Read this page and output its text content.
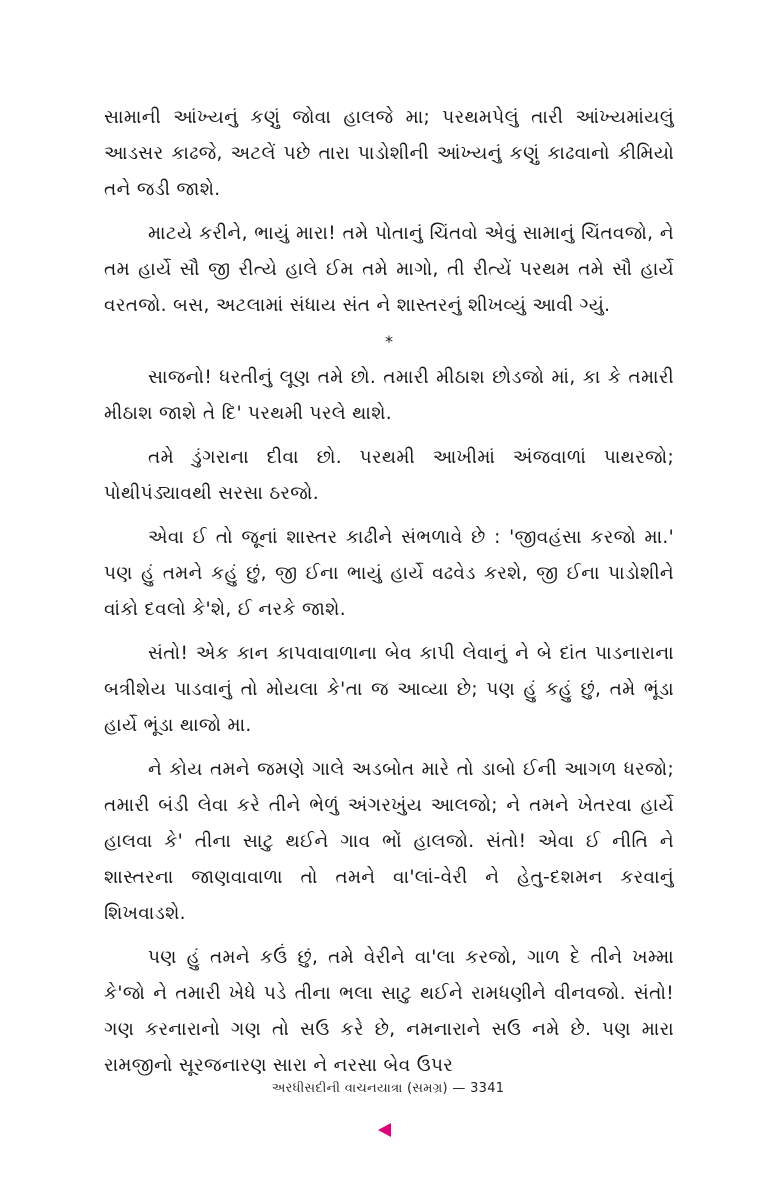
સામાની આંખ્યનું કણું જોવા હાલજે મા; પરથમપેલું તારી આંખ્યમાંયલું આડસર કાઢજે, અટલેં પછે તારા પાડોશીની આંખ્યનું કણું કાઢવાનો કીમિયો તને જડી જાશે.

માટયે કરીને, ભાયું મારા! તમે પોતાનું ચિંતવો એવું સામાનું ચિંતવજો, ને તમ હાર્યે સૌ જી રીત્યે હાલે ઈમ તમે માગો, તી રીત્યેં પરથમ તમે સૌ હાર્યે વરતજો. બસ, અટલામાં સંધાય સંત ને શાસ્તરનું શીખવ્યું આવી ગ્યું.

*

સાજનો! ધરતીનું લૂણ તમે છો. તમારી મીઠાશ છોડજો માં, કા કે તમારી મીઠાશ જાશે તે દિ' પરથમી પરલે થાશે.

તમે ડુંગરાના દીવા છો. પરથમી આખીમાં અંજવાળાં પાથરજો; પોથીપંડ્યાવથી સરસા ઠરજો.

એવા ઈ તો જૂનાં શાસ્તર કાઢીને સંભળાવે છે : 'જીવહંસા કરજો મા.' પણ હું તમને કહું છું, જી ઈના ભાયું હાર્યે વઢવેડ કરશે, જી ઈના પાડોશીને વાંકો દવલો કે'શે, ઈ નરકે જાશે.

સંતો! એક કાન કાપવાવાળાના બેવ કાપી લેવાનું ને બે દાંત પાડનારાના બત્રીશેય પાડવાનું તો મોયલા કે'તા જ આવ્યા છે; પણ હું કહું છું, તમે ભૂંડા હાર્યે ભૂંડા થાજો મા.

ને કોય તમને જમણે ગાલે અડબોત મારે તો ડાબો ઈની આગળ ધરજો; તમારી બંડી લેવા કરે તીને ભેળું અંગરખુંય આલજો; ને તમને ખેતરવા હાર્યે હાલવા કે' તીના સાટુ થઈને ગાવ ભોં હાલજો. સંતો! એવા ઈ નીતિ ને શાસ્તરના જાણવાવાળા તો તમને વા'લાં-વેરી ને હેતુ-દશમન કરવાનું શિખવાડશે.

પણ હું તમને કઉં છું, તમે વેરીને વા'લા કરજો, ગાળ દે તીને ખમ્મા કે'જો ને તમારી ખેધે પડે તીના ભલા સાટુ થઈને રામધણીને વીનવજો. સંતો! ગણ કરનારાનો ગણ તો સઉ કરે છે, નમનારાને સઉ નમે છે. પણ મારા રામજીનો સૂરજનારણ સારા ને નરસા બેવ ઉપર

અરધીસદીની વાચનયાત્રા (સમગ્ર) — 3341
